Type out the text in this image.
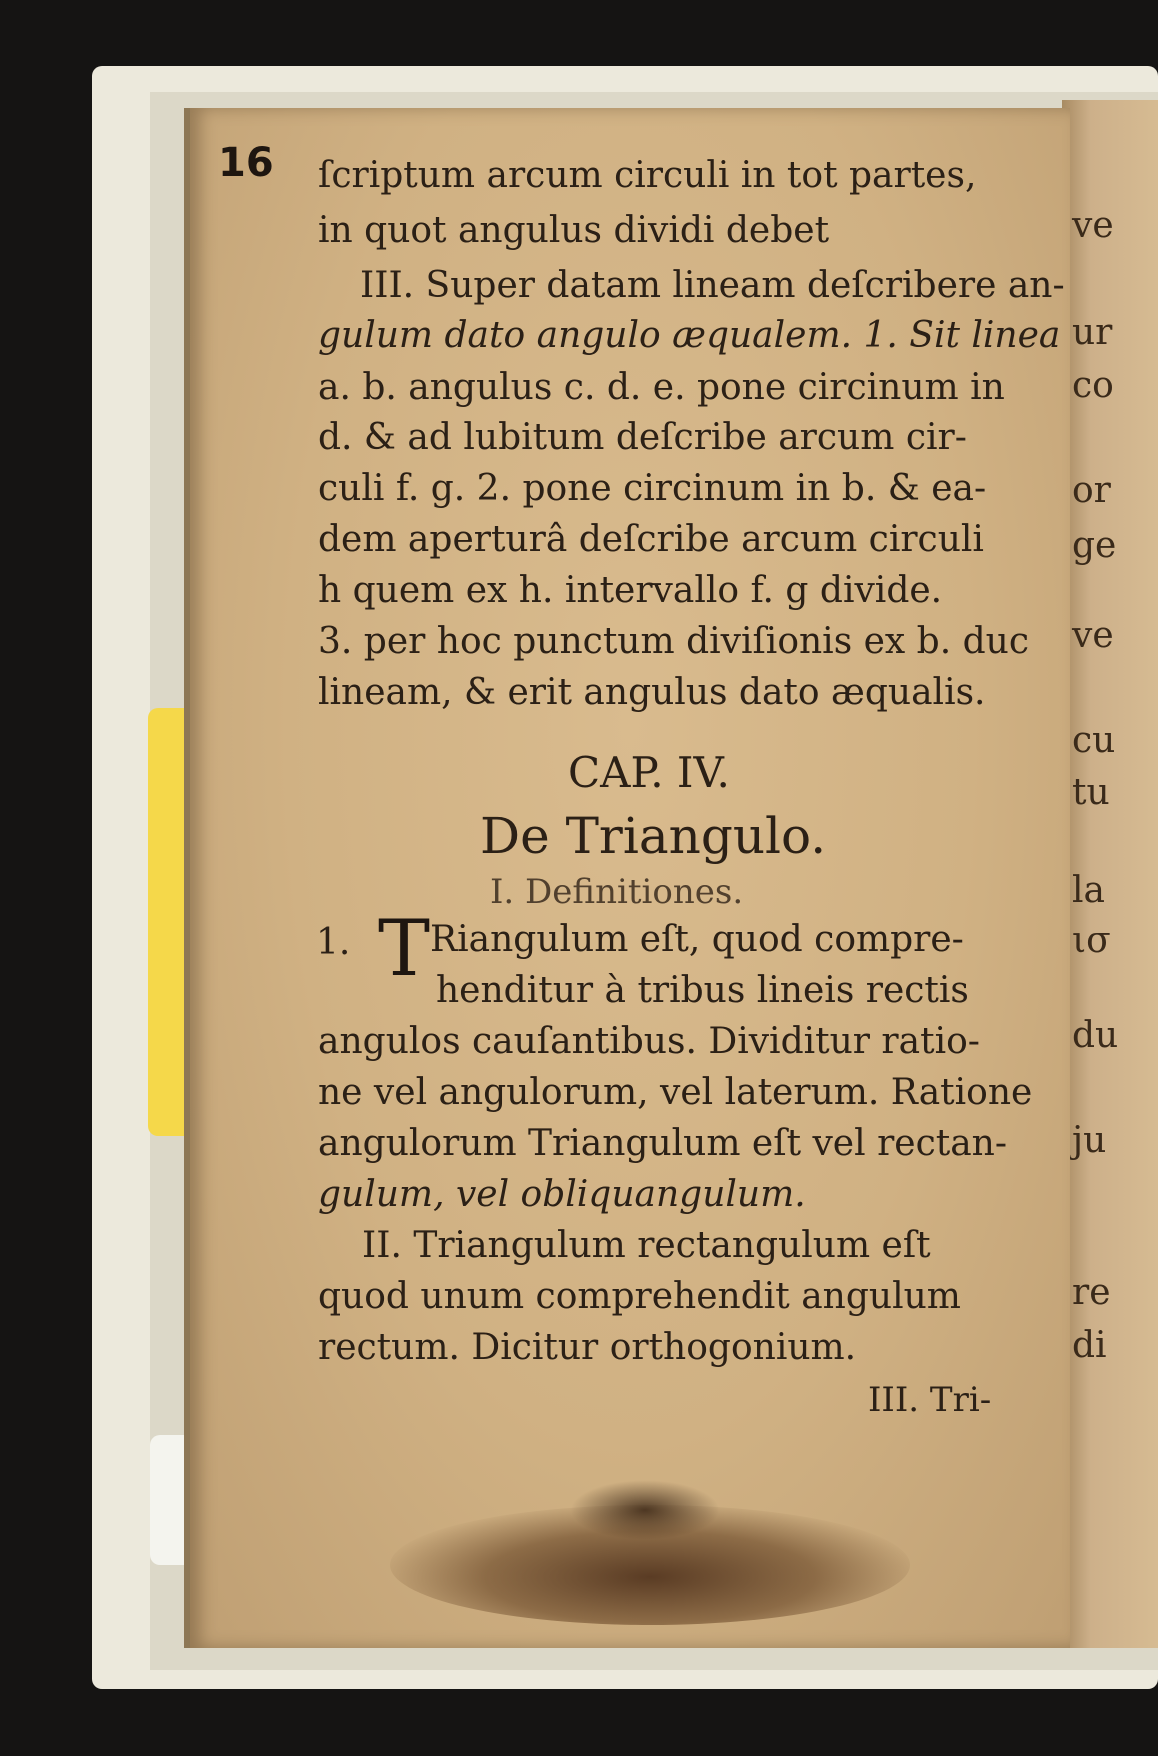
ve
ur
co
or
ge
ve
cu
tu
la
ισ
du
ju
re
di
16 ſcriptum arcum circuli in tot partes,
in quot angulus dividi debet
III. Super datam lineam deſcribere an-
gulum dato angulo æqualem. 1. Sit linea
a. b. angulus c. d. e. pone circinum in
d. & ad lubitum deſcribe arcum cir-
culi f. g. 2. pone circinum in b. & ea-
dem aperturâ deſcribe arcum circuli
h quem ex h. intervallo f. g divide.
3. per hoc punctum diviſionis ex b. duc
lineam, & erit angulus dato æqualis.
CAP. IV.
De Triangulo.
I. Definitiones.
1. T Riangulum eſt, quod compre-
henditur à tribus lineis rectis
angulos cauſantibus. Dividitur ratio-
ne vel angulorum, vel laterum. Ratione
angulorum Triangulum eſt vel rectan-
gulum, vel obliquangulum.
II. Triangulum rectangulum eſt
quod unum comprehendit angulum
rectum. Dicitur orthogonium.
III. Tri-
